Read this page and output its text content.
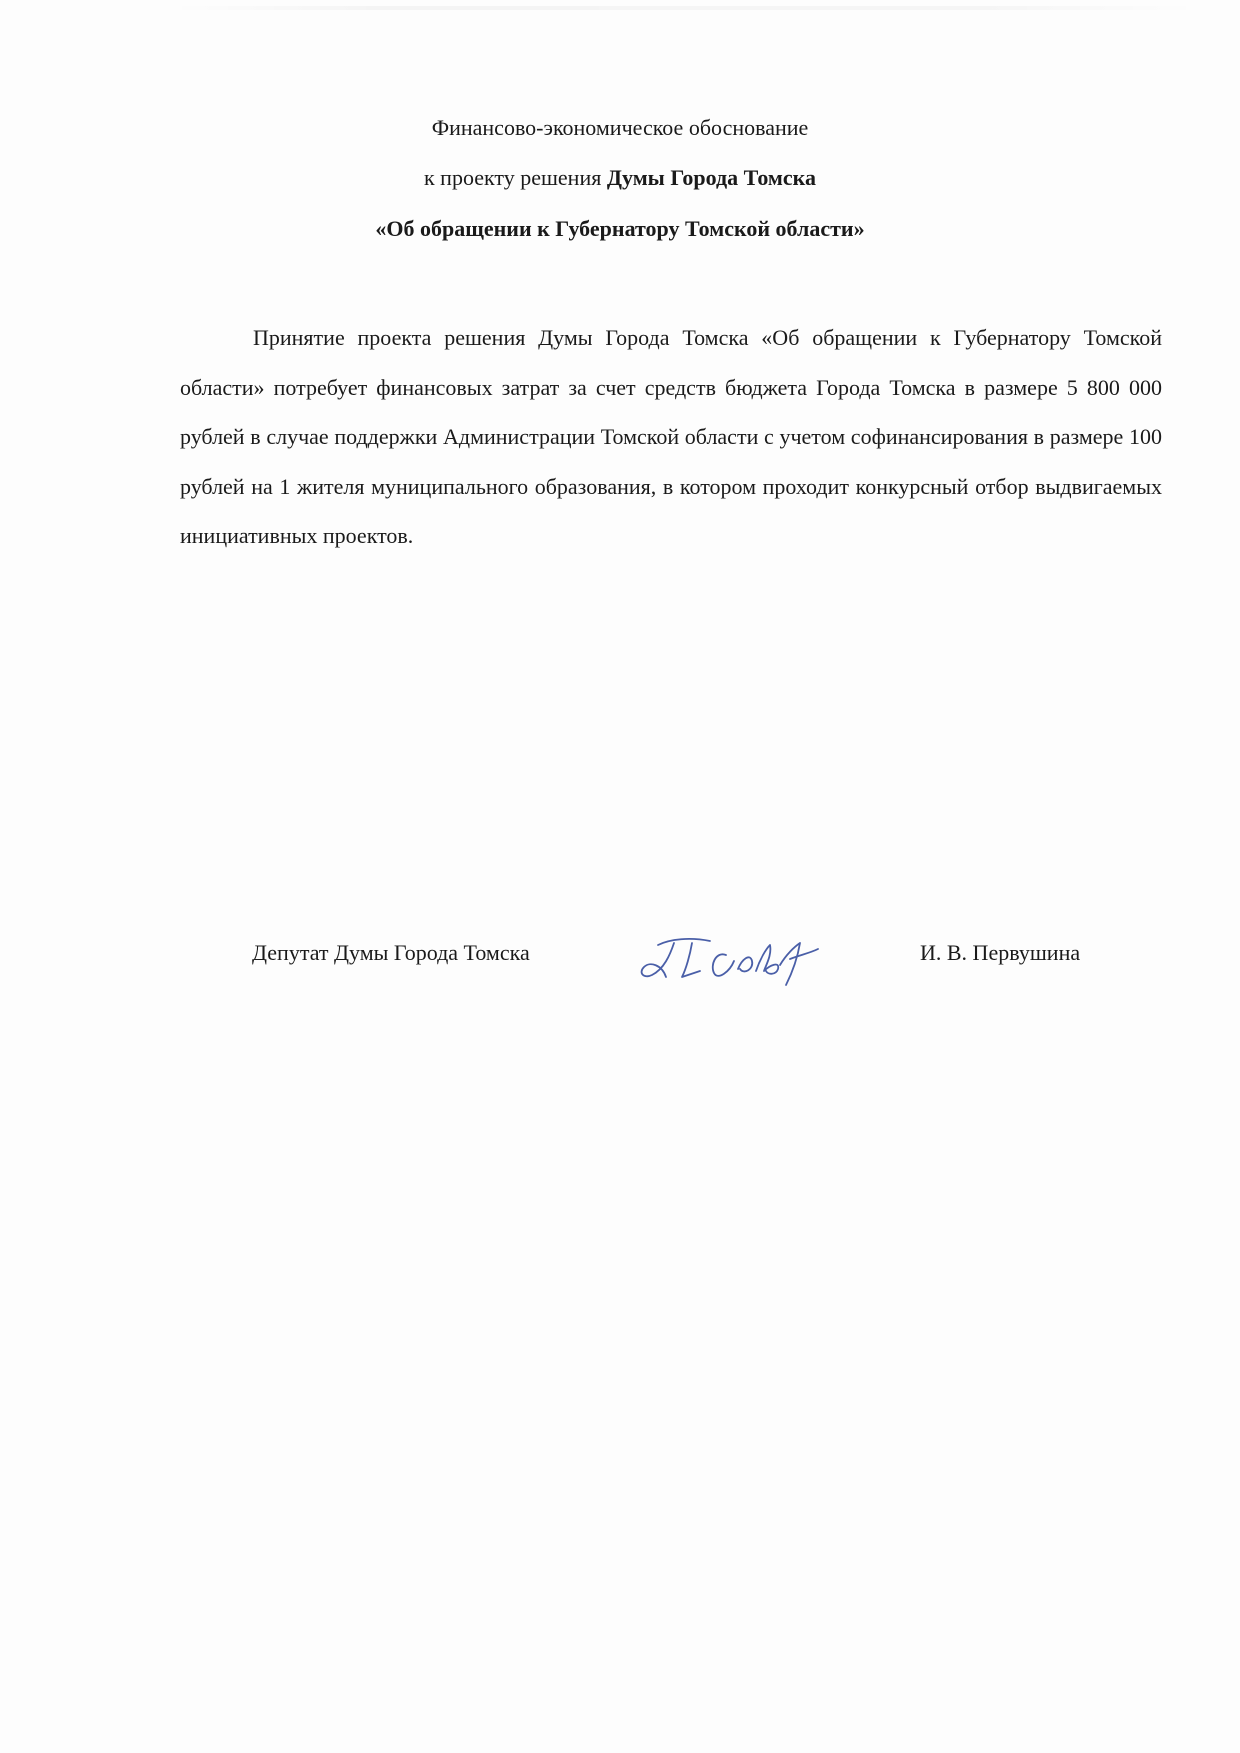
Финансово-экономическое обоснование
к проекту решения Думы Города Томска
«Об обращении к Губернатору Томской области»

Принятие проекта решения Думы Города Томска «Об обращении к Губернатору Томской области» потребует финансовых затрат за счет средств бюджета Города Томска в размере 5 800 000 рублей в случае поддержки Администрации Томской области с учетом софинансирования в размере 100 рублей на 1 жителя муниципального образования, в котором проходит конкурсный отбор выдвигаемых инициативных проектов.

Депутат Думы Города Томска	И. В. Первушина
